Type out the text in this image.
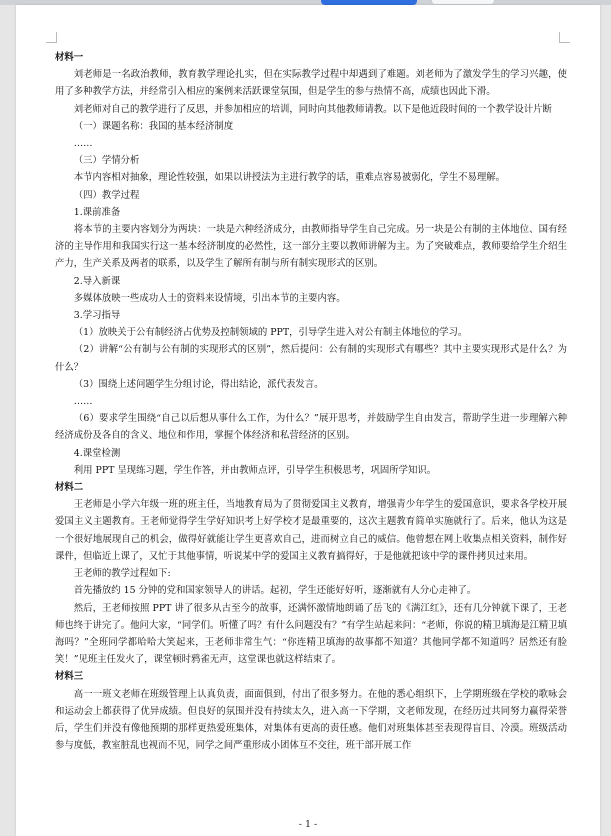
材料一

刘老师是一名政治教师，教育教学理论扎实，但在实际教学过程中却遇到了难题。刘老师为了激发学生的学习兴趣，使用了多种教学方法，并经常引入相应的案例来活跃课堂氛围，但是学生的参与热情不高，成绩也因此下滑。

刘老师对自己的教学进行了反思，并参加相应的培训，同时向其他教师请教。以下是他近段时间的一个教学设计片断

（一）课题名称：我国的基本经济制度

……

（三）学情分析

本节内容相对抽象，理论性较强，如果以讲授法为主进行教学的话，重难点容易被弱化，学生不易理解。

（四）教学过程

1.课前准备

将本节的主要内容划分为两块：一块是六种经济成分，由教师指导学生自己完成。另一块是公有制的主体地位、国有经济的主导作用和我国实行这一基本经济制度的必然性，这一部分主要以教师讲解为主。为了突破难点，教师要给学生介绍生产力，生产关系及两者的联系，以及学生了解所有制与所有制实现形式的区别。

2.导入新课

多媒体放映一些成功人士的资料来设情境，引出本节的主要内容。

3.学习指导

（1）放映关于公有制经济占优势及控制领域的 PPT，引导学生进入对公有制主体地位的学习。

（2）讲解“公有制与公有制的实现形式的区别”，然后提问：公有制的实现形式有哪些？其中主要实现形式是什么？为什么？

（3）围绕上述问题学生分组讨论，得出结论，派代表发言。

……

（6）要求学生围绕“自己以后想从事什么工作，为什么？”展开思考，并鼓励学生自由发言，帮助学生进一步理解六种经济成份及各自的含义、地位和作用，掌握个体经济和私营经济的区别。

4.课堂检测

利用 PPT 呈现练习题，学生作答，并由教师点评，引导学生积极思考，巩固所学知识。

材料二

王老师是小学六年级一班的班主任，当地教育局为了贯彻爱国主义教育，增强青少年学生的爱国意识，要求各学校开展爱国主义主题教育。王老师觉得学生学好知识考上好学校才是最重要的，这次主题教育简单实施就行了。后来，他认为这是一个很好地展现自己的机会，做得好就能让学生更喜欢自己，进而树立自己的威信。他曾想在网上收集点相关资料，制作好课件，但临近上课了，又忙于其他事情，听说某中学的爱国主义教育搞得好，于是他就把该中学的课件拷贝过来用。

王老师的教学过程如下:

首先播放约 15 分钟的党和国家领导人的讲话。起初，学生还能好好听，逐渐就有人分心走神了。

然后，王老师按照 PPT 讲了很多从古至今的故事，还满怀激情地朗诵了岳飞的《满江红》，还有几分钟就下课了，王老师也终于讲完了。他问大家，“同学们。听懂了吗？有什么问题没有？”有学生站起来问：“老师，你说的精卫填海是江精卫填海吗？”全班同学都哈哈大笑起来，王老师非常生气：“你连精卫填海的故事都不知道？其他同学都不知道吗？居然还有脸笑！”见班主任发火了，课堂顿时鸦雀无声，这堂课也就这样结束了。

材料三

高一一班文老师在班级管理上认真负责，面面俱到，付出了很多努力。在他的悉心组织下，上学期班级在学校的歌咏会和运动会上都获得了优异成绩。但良好的氛围并没有持续太久，进入高一下学期，文老师发现，在经历过共同努力赢得荣誉后，学生们并没有像他预期的那样更热爱班集体，对集体有更高的责任感。他们对班集体甚至表现得盲目、冷漠。班级活动参与度低，教室脏乱也视而不见，同学之间严重形成小团体互不交往，班干部开展工作

- 1 -
